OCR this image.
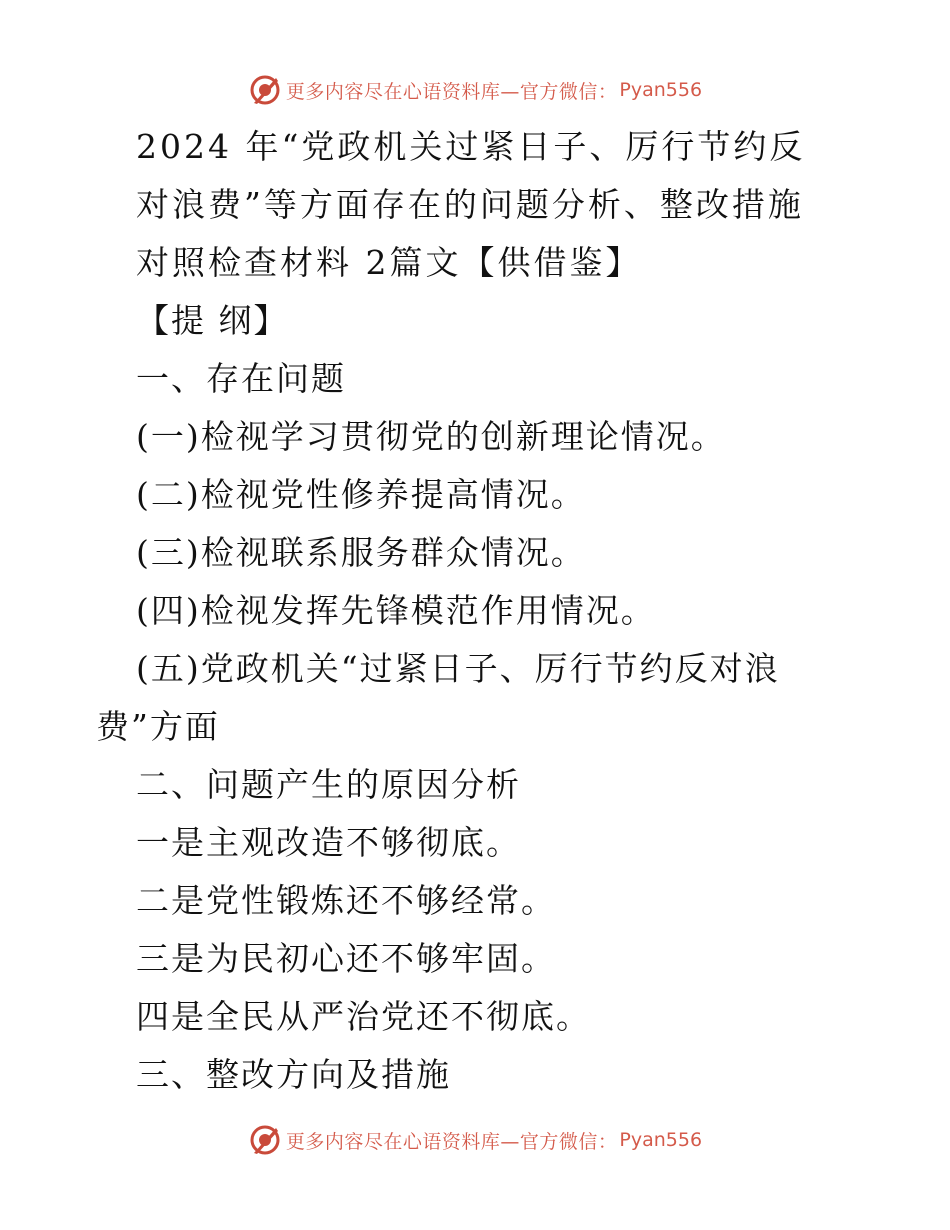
更多内容尽在心语资料库—官方微信： Pyan556
2024 年“党政机关过紧日子、厉行节约反
对浪费”等方面存在的问题分析、整改措施
对照检查材料 2篇文【供借鉴】
【提 纲】
一、存在问题
(一)检视学习贯彻党的创新理论情况。
(二)检视党性修养提高情况。
(三)检视联系服务群众情况。
(四)检视发挥先锋模范作用情况。
(五)党政机关“过紧日子、厉行节约反对浪
费”方面
二、问题产生的原因分析
一是主观改造不够彻底。
二是党性锻炼还不够经常。
三是为民初心还不够牢固。
四是全民从严治党还不彻底。
三、整改方向及措施
更多内容尽在心语资料库—官方微信： Pyan556
